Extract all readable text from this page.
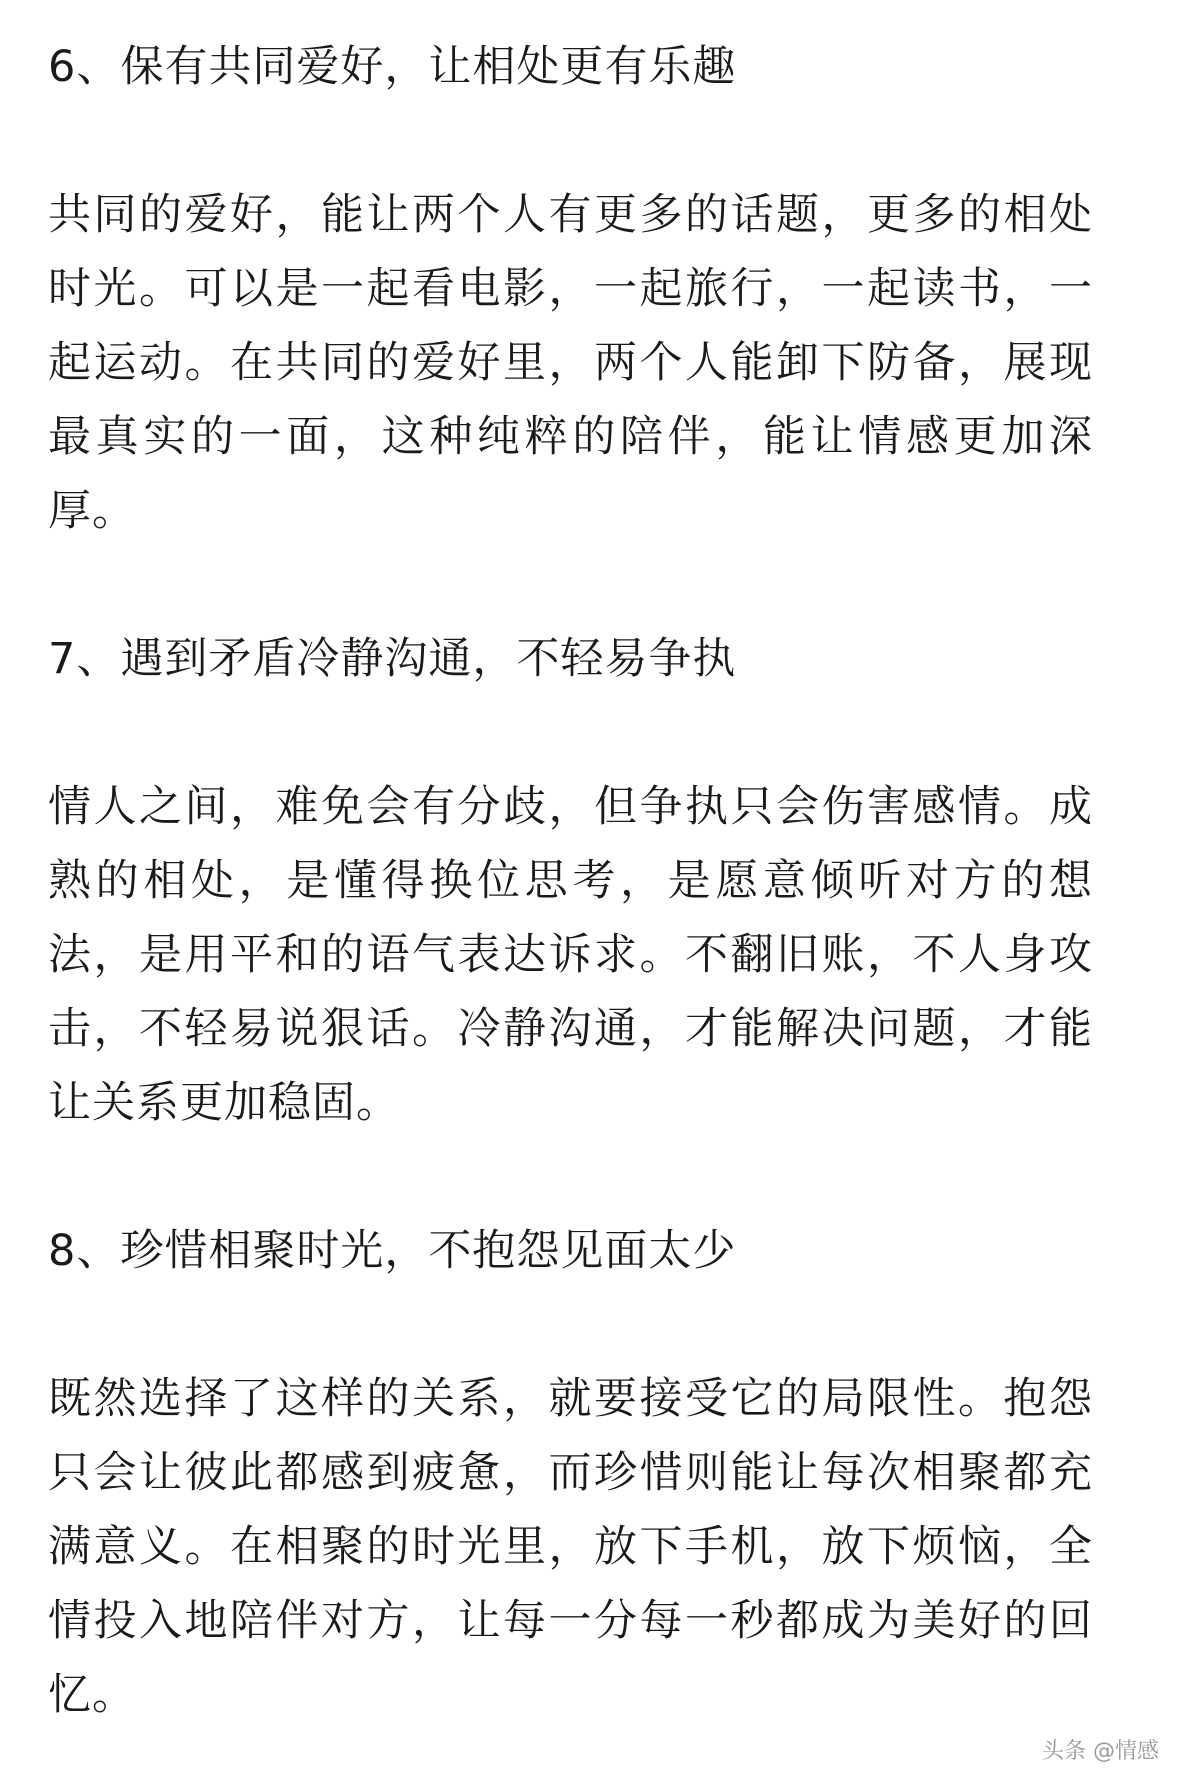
6、保有共同爱好，让相处更有乐趣

共同的爱好，能让两个人有更多的话题，更多的相处时光。可以是一起看电影，一起旅行，一起读书，一起运动。在共同的爱好里，两个人能卸下防备，展现最真实的一面，这种纯粹的陪伴，能让情感更加深厚。

7、遇到矛盾冷静沟通，不轻易争执

情人之间，难免会有分歧，但争执只会伤害感情。成熟的相处，是懂得换位思考，是愿意倾听对方的想法，是用平和的语气表达诉求。不翻旧账，不人身攻击，不轻易说狠话。冷静沟通，才能解决问题，才能让关系更加稳固。

8、珍惜相聚时光，不抱怨见面太少

既然选择了这样的关系，就要接受它的局限性。抱怨只会让彼此都感到疲惫，而珍惜则能让每次相聚都充满意义。在相聚的时光里，放下手机，放下烦恼，全情投入地陪伴对方，让每一分每一秒都成为美好的回忆。

头条 @情感
